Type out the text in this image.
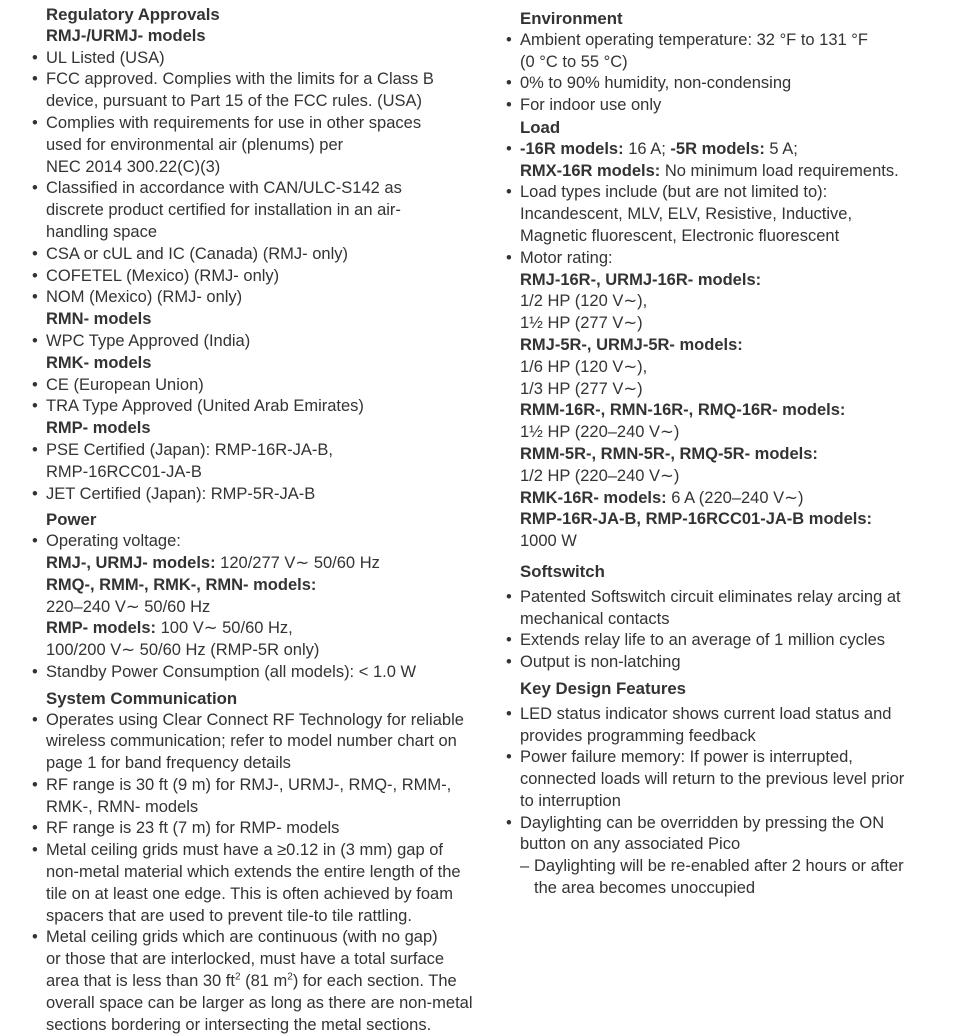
Regulatory Approvals
RMJ-/URMJ- models
• UL Listed (USA)
• FCC approved. Complies with the limits for a Class B
device, pursuant to Part 15 of the FCC rules. (USA)
• Complies with requirements for use in other spaces
used for environmental air (plenums) per
NEC 2014 300.22(C)(3)
• Classified in accordance with CAN/ULC-S142 as
discrete product certified for installation in an air-
handling space
• CSA or cUL and IC (Canada) (RMJ- only)
• COFETEL (Mexico) (RMJ- only)
• NOM (Mexico) (RMJ- only)
RMN- models
• WPC Type Approved (India)
RMK- models
• CE (European Union)
• TRA Type Approved (United Arab Emirates)
RMP- models
• PSE Certified (Japan): RMP-16R-JA-B,
RMP-16RCC01-JA-B
• JET Certified (Japan): RMP-5R-JA-B
Power
• Operating voltage:
RMJ-, URMJ- models: 120/277 V∼ 50/60 Hz
RMQ-, RMM-, RMK-, RMN- models:
220–240 V∼ 50/60 Hz
RMP- models: 100 V∼ 50/60 Hz,
100/200 V∼ 50/60 Hz (RMP-5R only)
• Standby Power Consumption (all models): < 1.0 W
System Communication
• Operates using Clear Connect RF Technology for reliable
wireless communication; refer to model number chart on
page 1 for band frequency details
• RF range is 30 ft (9 m) for RMJ-, URMJ-, RMQ-, RMM-,
RMK-, RMN- models
• RF range is 23 ft (7 m) for RMP- models
• Metal ceiling grids must have a ≥0.12 in (3 mm) gap of
non-metal material which extends the entire length of the
tile on at least one edge. This is often achieved by foam
spacers that are used to prevent tile-to tile rattling.
• Metal ceiling grids which are continuous (with no gap)
or those that are interlocked, must have a total surface
area that is less than 30 $ft^2$ (81 $m^2$) for each section. The
overall space can be larger as long as there are non-metal
sections bordering or intersecting the metal sections.
Environment
• Ambient operating temperature: 32 °F to 131 °F
(0 °C to 55 °C)
• 0% to 90% humidity, non-condensing
• For indoor use only
Load
• -16R models: 16 A; -5R models: 5 A;
RMX-16R models: No minimum load requirements.
• Load types include (but are not limited to):
Incandescent, MLV, ELV, Resistive, Inductive,
Magnetic fluorescent, Electronic fluorescent
• Motor rating:
RMJ-16R-, URMJ-16R- models:
1/2 HP (120 V∼),
1½ HP (277 V∼)
RMJ-5R-, URMJ-5R- models:
1/6 HP (120 V∼),
1/3 HP (277 V∼)
RMM-16R-, RMN-16R-, RMQ-16R- models:
1½ HP (220–240 V∼)
RMM-5R-, RMN-5R-, RMQ-5R- models:
1/2 HP (220–240 V∼)
RMK-16R- models: 6 A (220–240 V∼)
RMP-16R-JA-B, RMP-16RCC01-JA-B models:
1000 W
Softswitch
• Patented Softswitch circuit eliminates relay arcing at
mechanical contacts
• Extends relay life to an average of 1 million cycles
• Output is non-latching
Key Design Features
• LED status indicator shows current load status and
provides programming feedback
• Power failure memory: If power is interrupted,
connected loads will return to the previous level prior
to interruption
• Daylighting can be overridden by pressing the ON
button on any associated Pico
– Daylighting will be re-enabled after 2 hours or after
the area becomes unoccupied
